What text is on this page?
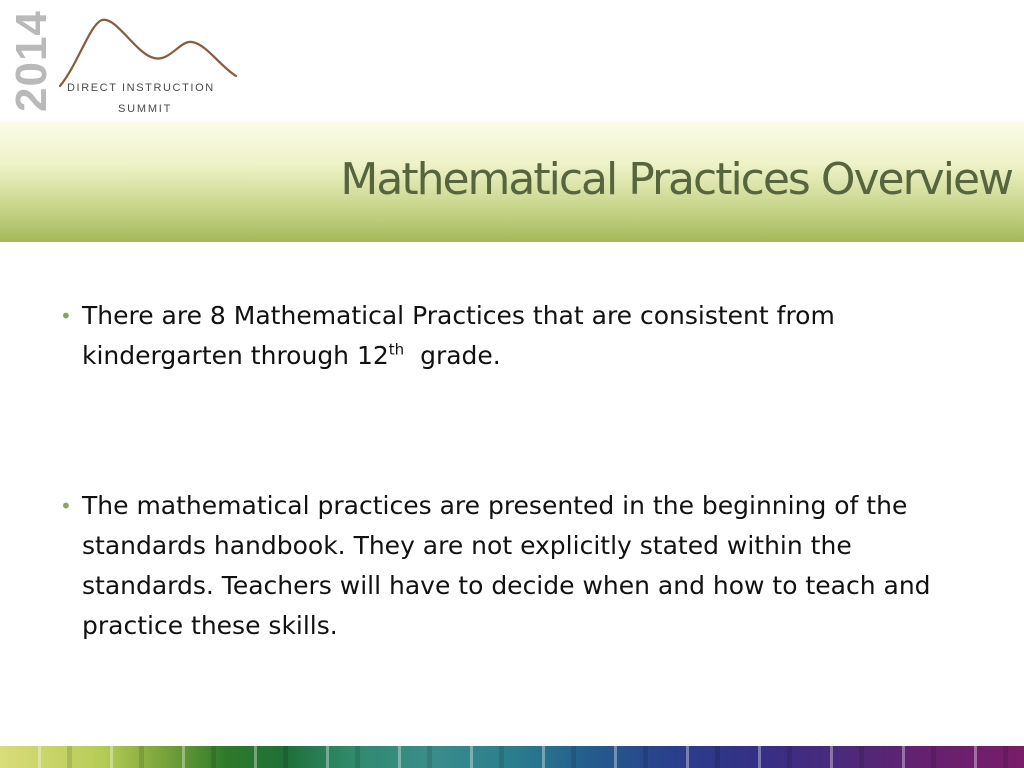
2014 DIRECT INSTRUCTION
SUMMIT
Mathematical Practices Overview
• There are 8 Mathematical Practices that are consistent from kindergarten through 12th  grade.
• The mathematical practices are presented in the beginning of the standards handbook. They are not explicitly stated within the standards. Teachers will have to decide when and how to teach and practice these skills.
